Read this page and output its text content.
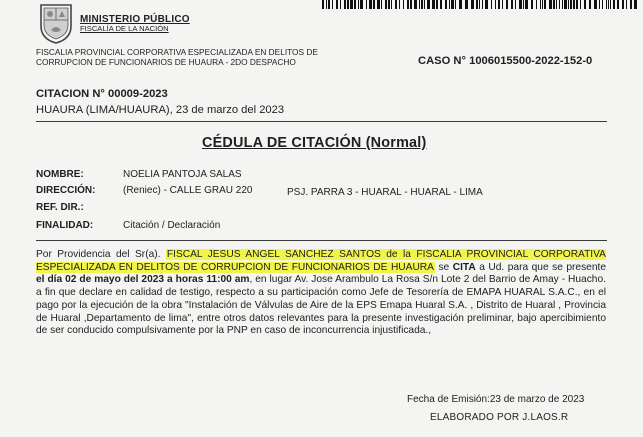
MINISTERIO PÚBLICO
FISCALÍA DE LA NACIÓN
FISCALIA PROVINCIAL CORPORATIVA ESPECIALIZADA EN DELITOS DE
CORRUPCION DE FUNCIONARIOS DE HUAURA - 2DO DESPACHO	CASO N° 1006015500-2022-152-0
CITACION N° 00009-2023
HUAURA (LIMA/HUAURA), 23 de marzo del 2023
CÉDULA DE CITACIÓN (Normal)
NOMBRE:	NOELIA PANTOJA SALAS
DIRECCIÓN:	(Reniec) - CALLE GRAU 220	PSJ. PARRA 3 - HUARAL - HUARAL - LIMA
REF. DIR.:
FINALIDAD:	Citación / Declaración
Por Providencia del Sr(a). FISCAL JESUS ANGEL SANCHEZ SANTOS de la FISCALIA PROVINCIAL CORPORATIVA ESPECIALIZADA EN DELITOS DE CORRUPCION DE FUNCIONARIOS DE HUAURA se CITA a Ud. para que se presente el día 02 de mayo del 2023 a horas 11:00 am, en lugar Av. Jose Arambulo La Rosa S/n Lote 2 del Barrio de Amay - Huacho. a fin que declare en calidad de testigo, respecto a su participación como Jefe de Tesorería de EMAPA HUARAL S.A.C., en el pago por la ejecución de la obra "Instalación de Válvulas de Aire de la EPS Emapa Huaral S.A. , Distrito de Huaral , Provincia de Huaral ,Departamento de lima", entre otros datos relevantes para la presente investigación preliminar, bajo apercibimiento de ser conducido compulsivamente por la PNP en caso de inconcurrencia injustificada.,
Fecha de Emisión:23 de marzo de 2023
ELABORADO POR J.LAOS.R
